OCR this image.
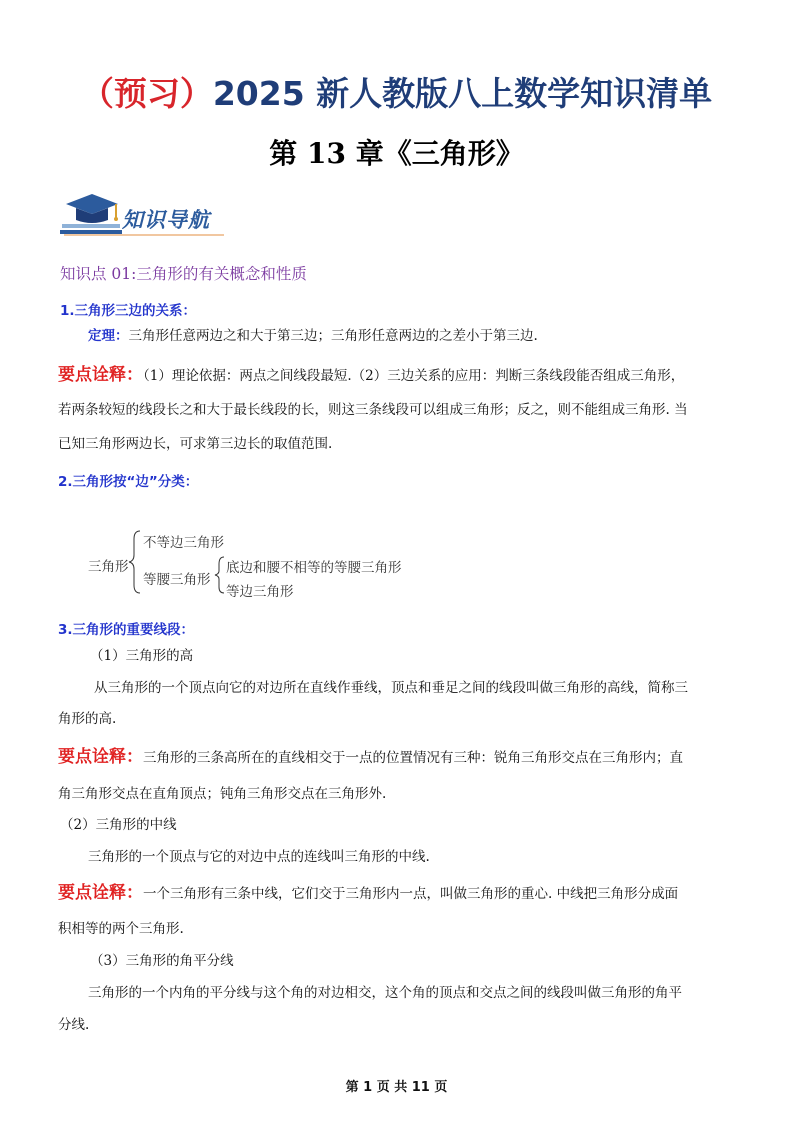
（预习）2025 新人教版八上数学知识清单
第 13 章《三角形》
知识导航
知识点 01:三角形的有关概念和性质
1.三角形三边的关系：
定理：三角形任意两边之和大于第三边；三角形任意两边的之差小于第三边.
要点诠释：（1）理论依据：两点之间线段最短.（2）三边关系的应用：判断三条线段能否组成三角形，
若两条较短的线段长之和大于最长线段的长，则这三条线段可以组成三角形；反之，则不能组成三角形. 当
已知三角形两边长，可求第三边长的取值范围.
2.三角形按“边”分类：
三角形
不等边三角形
等腰三角形
底边和腰不相等的等腰三角形
等边三角形
3.三角形的重要线段：
（1）三角形的高
从三角形的一个顶点向它的对边所在直线作垂线，顶点和垂足之间的线段叫做三角形的高线，简称三
角形的高.
要点诠释：三角形的三条高所在的直线相交于一点的位置情况有三种：锐角三角形交点在三角形内；直
角三角形交点在直角顶点；钝角三角形交点在三角形外.
（2）三角形的中线
三角形的一个顶点与它的对边中点的连线叫三角形的中线.
要点诠释：一个三角形有三条中线，它们交于三角形内一点，叫做三角形的重心. 中线把三角形分成面
积相等的两个三角形.
（3）三角形的角平分线
三角形的一个内角的平分线与这个角的对边相交，这个角的顶点和交点之间的线段叫做三角形的角平
分线.
第 1 页 共 11 页
